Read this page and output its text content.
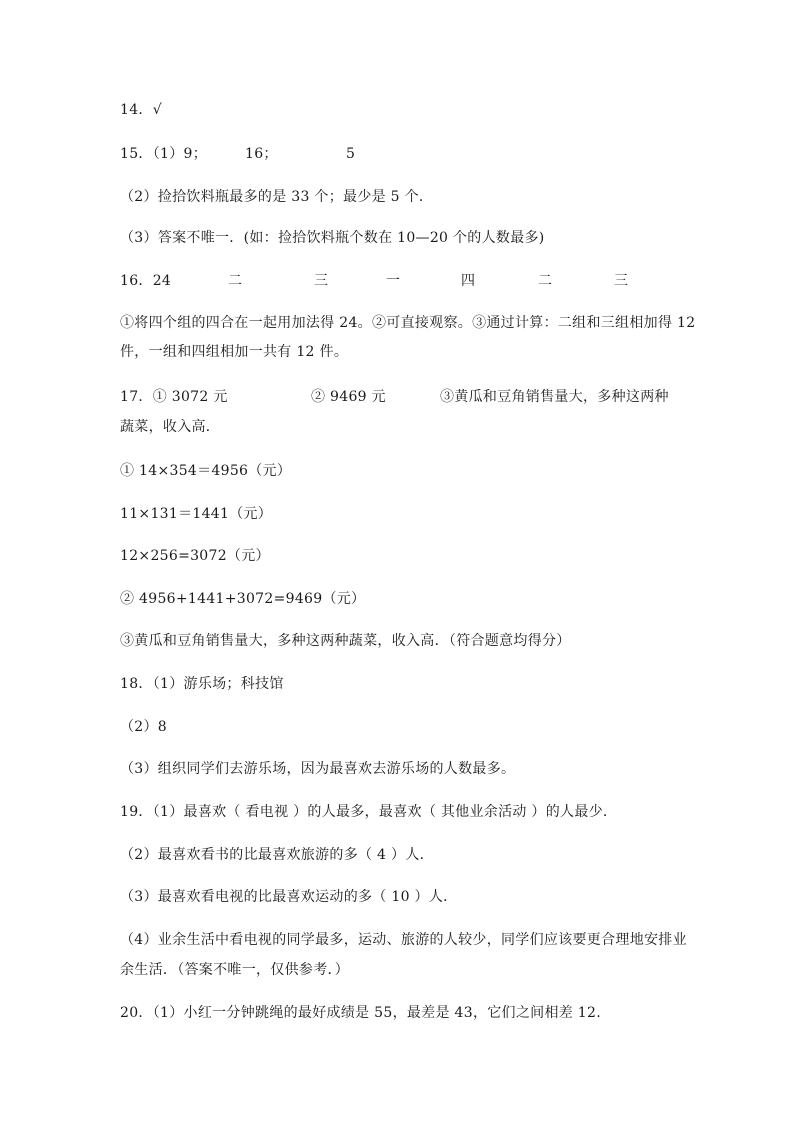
14．√
15．（1）9；	16；	5
（2）捡拾饮料瓶最多的是 33 个；最少是 5 个．
（3）答案不唯一．(如：捡拾饮料瓶个数在 10—20 个的人数最多)
16．24	二	三	一	四	二	三
①将四个组的四合在一起用加法得 24。②可直接观察。③通过计算：二组和三组相加得 12
件，一组和四组相加一共有 12 件。
17．① 3072 元	② 9469 元	③黄瓜和豆角销售量大，多种这两种
蔬菜，收入高．
① 14×354＝4956（元）
11×131＝1441（元）
12×256=3072（元）
② 4956+1441+3072=9469（元）
③黄瓜和豆角销售量大，多种这两种蔬菜，收入高．（符合题意均得分）
18．（1）游乐场；科技馆
（2）8
（3）组织同学们去游乐场，因为最喜欢去游乐场的人数最多。
19．（1）最喜欢（ 看电视 ）的人最多，最喜欢（ 其他业余活动 ）的人最少．
（2）最喜欢看书的比最喜欢旅游的多（ 4 ）人．
（3）最喜欢看电视的比最喜欢运动的多（ 10 ）人．
（4）业余生活中看电视的同学最多，运动、旅游的人较少，同学们应该要更合理地安排业
余生活．（答案不唯一，仅供参考．）
20．（1）小红一分钟跳绳的最好成绩是 55，最差是 43，它们之间相差 12.
